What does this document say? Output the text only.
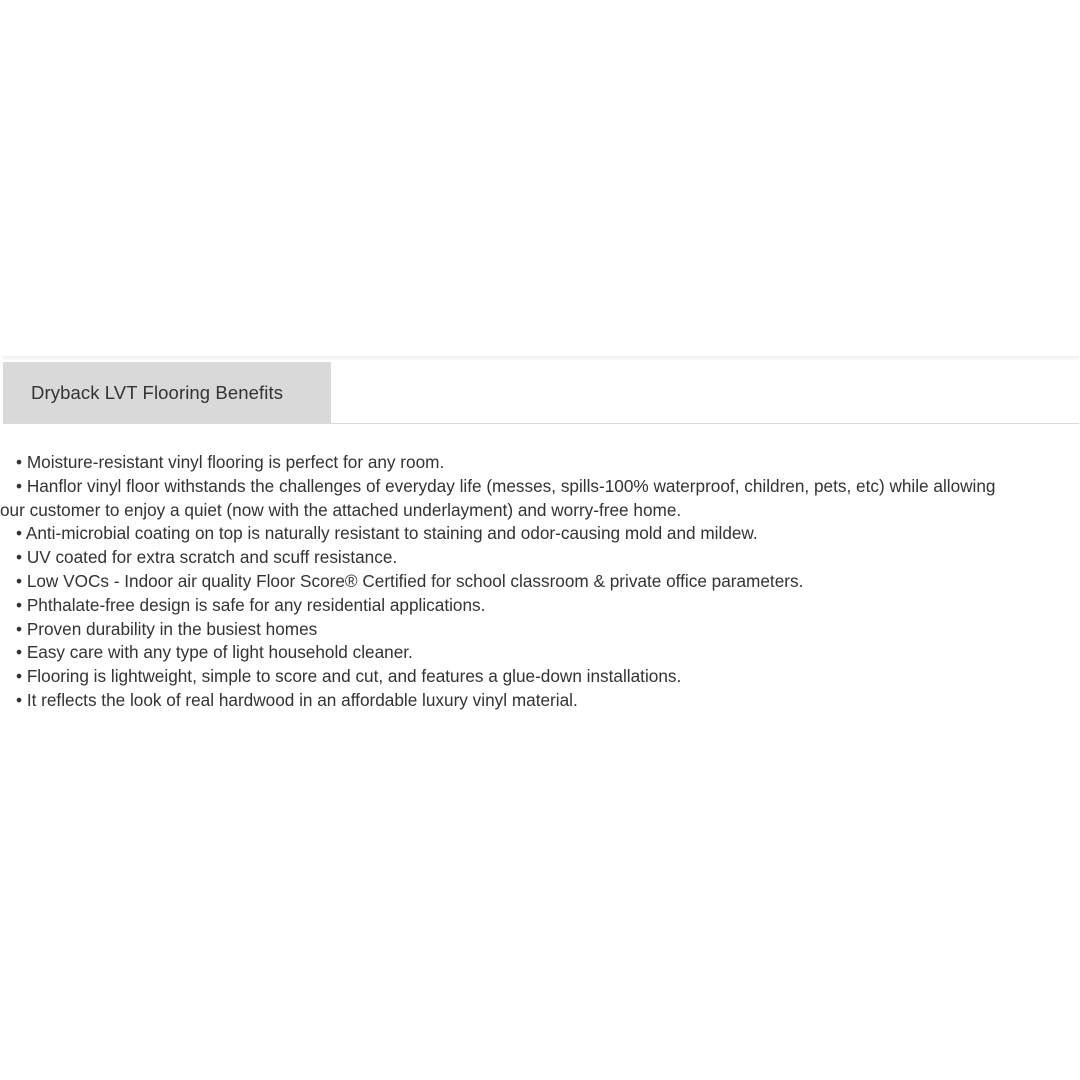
Dryback LVT Flooring Benefits
• Moisture-resistant vinyl flooring is perfect for any room.
• Hanflor vinyl floor withstands the challenges of everyday life (messes, spills-100% waterproof, children, pets, etc) while allowing
our customer to enjoy a quiet (now with the attached underlayment) and worry-free home.
• Anti-microbial coating on top is naturally resistant to staining and odor-causing mold and mildew.
• UV coated for extra scratch and scuff resistance.
• Low VOCs - Indoor air quality Floor Score® Certified for school classroom & private office parameters.
• Phthalate-free design is safe for any residential applications.
• Proven durability in the busiest homes
• Easy care with any type of light household cleaner.
• Flooring is lightweight, simple to score and cut, and features a glue-down installations.
• It reflects the look of real hardwood in an affordable luxury vinyl material.
